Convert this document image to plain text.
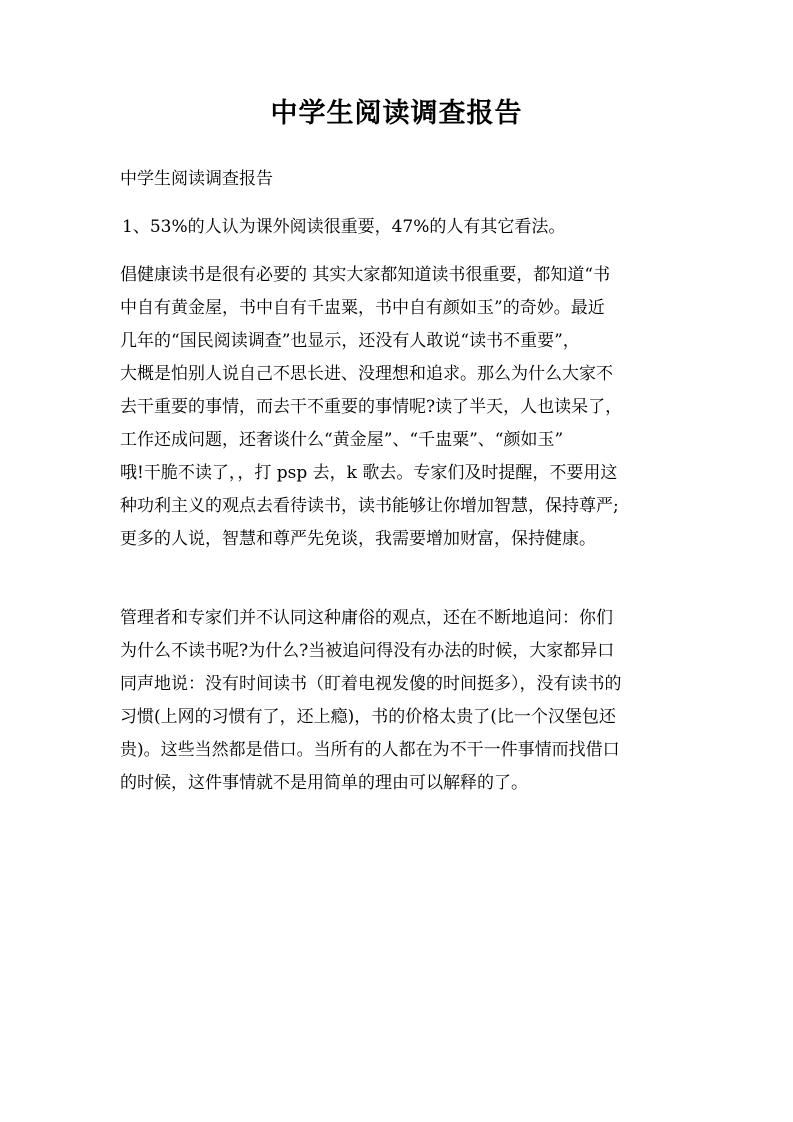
中学生阅读调查报告
中学生阅读调查报告
1、53%的人认为课外阅读很重要，47%的人有其它看法。
倡健康读书是很有必要的 其实大家都知道读书很重要，都知道“书
中自有黄金屋，书中自有千盅粟，书中自有颜如玉”的奇妙。最近
几年的“国民阅读调查”也显示，还没有人敢说“读书不重要”，
大概是怕别人说自己不思长进、没理想和追求。那么为什么大家不
去干重要的事情，而去干不重要的事情呢?读了半天，人也读呆了，
工作还成问题，还奢谈什么“黄金屋”、“千盅粟”、“颜如玉”
哦!干脆不读了，，打 psp 去，k 歌去。专家们及时提醒，不要用这
种功利主义的观点去看待读书，读书能够让你增加智慧，保持尊严;
更多的人说，智慧和尊严先免谈，我需要增加财富，保持健康。
管理者和专家们并不认同这种庸俗的观点，还在不断地追问：你们
为什么不读书呢?为什么?当被追问得没有办法的时候，大家都异口
同声地说：没有时间读书（盯着电视发傻的时间挺多），没有读书的
习惯(上网的习惯有了，还上瘾)，书的价格太贵了(比一个汉堡包还
贵)。这些当然都是借口。当所有的人都在为不干一件事情而找借口
的时候，这件事情就不是用简单的理由可以解释的了。
